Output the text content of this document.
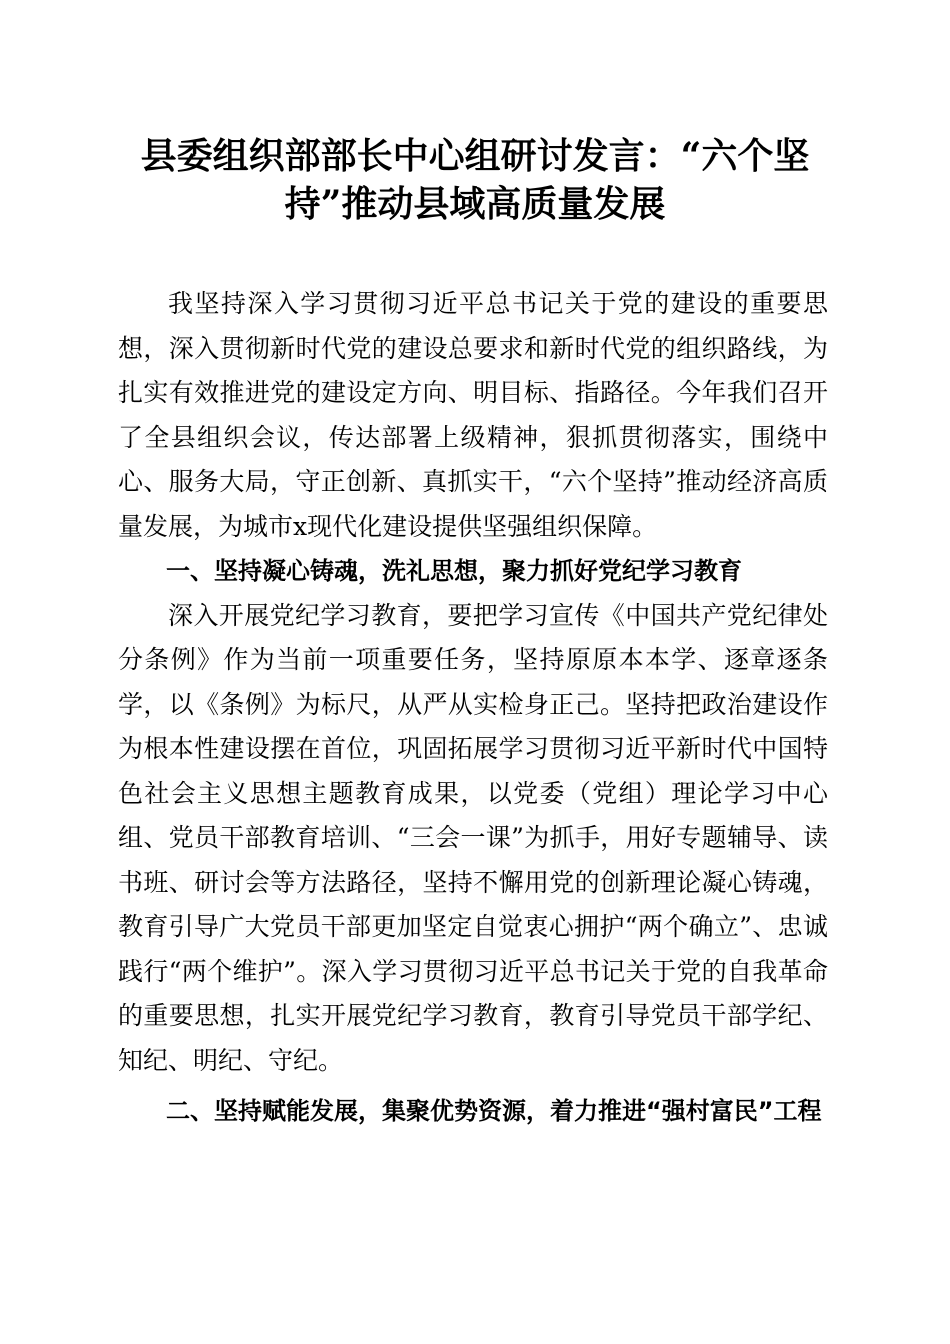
县委组织部部长中心组研讨发言：“六个坚持”推动县域高质量发展

我坚持深入学习贯彻习近平总书记关于党的建设的重要思想，深入贯彻新时代党的建设总要求和新时代党的组织路线，为扎实有效推进党的建设定方向、明目标、指路径。今年我们召开了全县组织会议，传达部署上级精神，狠抓贯彻落实，围绕中心、服务大局，守正创新、真抓实干，“六个坚持”推动经济高质量发展，为城市x现代化建设提供坚强组织保障。

一、坚持凝心铸魂，洗礼思想，聚力抓好党纪学习教育

深入开展党纪学习教育，要把学习宣传《中国共产党纪律处分条例》作为当前一项重要任务，坚持原原本本学、逐章逐条学，以《条例》为标尺，从严从实检身正己。坚持把政治建设作为根本性建设摆在首位，巩固拓展学习贯彻习近平新时代中国特色社会主义思想主题教育成果，以党委（党组）理论学习中心组、党员干部教育培训、“三会一课”为抓手，用好专题辅导、读书班、研讨会等方法路径，坚持不懈用党的创新理论凝心铸魂，教育引导广大党员干部更加坚定自觉衷心拥护“两个确立”、忠诚践行“两个维护”。深入学习贯彻习近平总书记关于党的自我革命的重要思想，扎实开展党纪学习教育，教育引导党员干部学纪、知纪、明纪、守纪。

二、坚持赋能发展，集聚优势资源，着力推进“强村富民”工程
